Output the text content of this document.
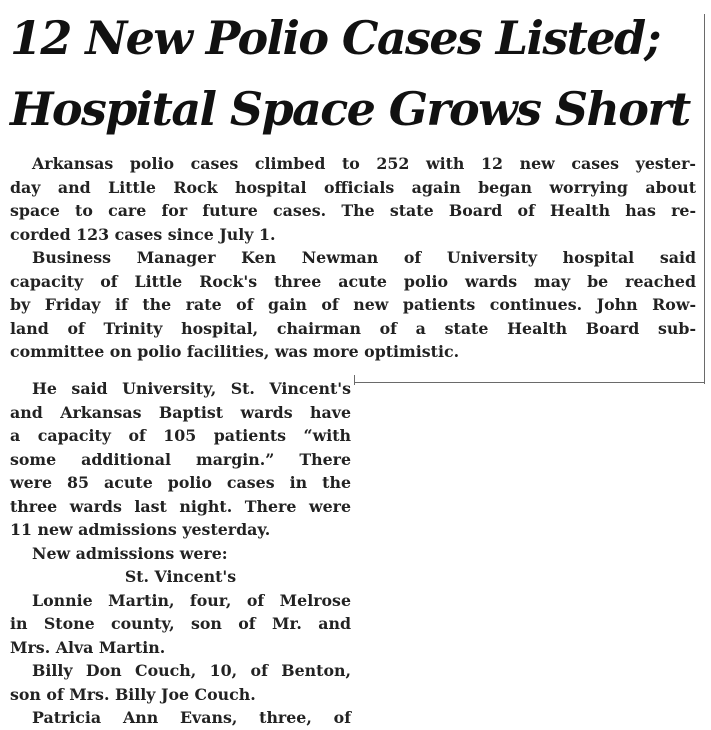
12 New Polio Cases Listed;
Hospital Space Grows Short

Arkansas polio cases climbed to 252 with 12 new cases yester-
day and Little Rock hospital officials again began worrying about
space to care for future cases. The state Board of Health has re-
corded 123 cases since July 1.

Business Manager Ken Newman of University hospital said
capacity of Little Rock's three acute polio wards may be reached
by Friday if the rate of gain of new patients continues. John Row-
land of Trinity hospital, chairman of a state Health Board sub-
committee on polio facilities, was more optimistic.

He said University, St. Vincent's
and Arkansas Baptist wards have
a capacity of 105 patients “with
some additional margin.” There
were 85 acute polio cases in the
three wards last night. There were
11 new admissions yesterday.

New admissions were:

St. Vincent's

Lonnie Martin, four, of Melrose
in Stone county, son of Mr. and
Mrs. Alva Martin.

Billy Don Couch, 10, of Benton,
son of Mrs. Billy Joe Couch.

Patricia Ann Evans, three, of
